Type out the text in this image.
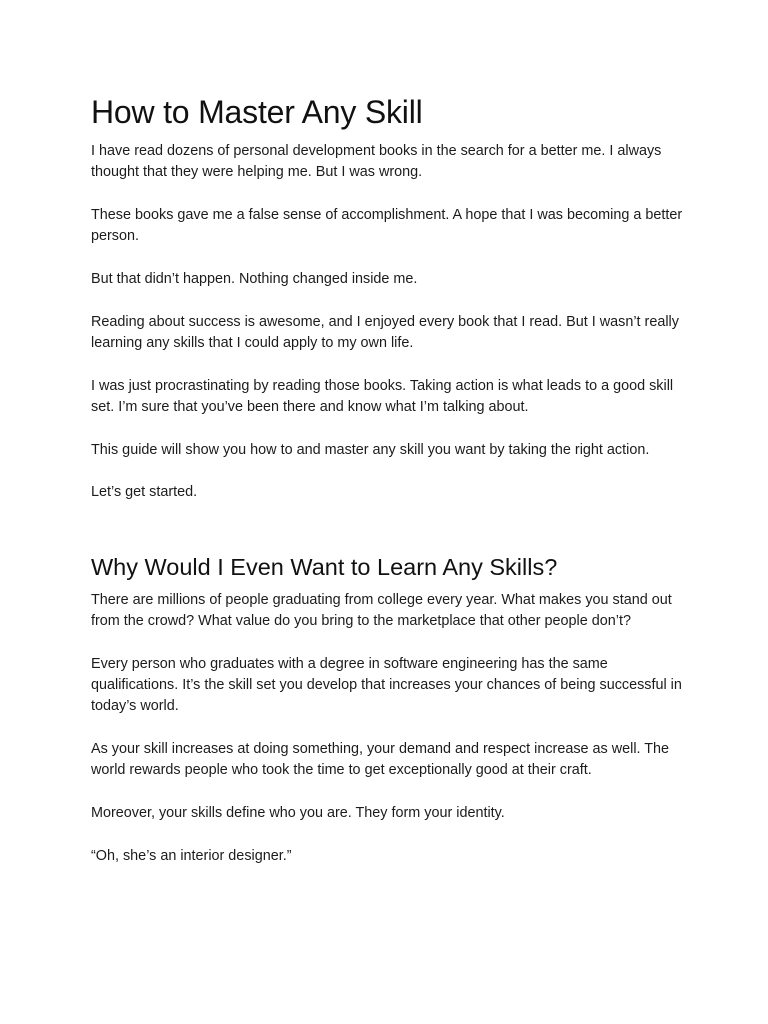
How to Master Any Skill

I have read dozens of personal development books in the search for a better me. I always thought that they were helping me. But I was wrong.

These books gave me a false sense of accomplishment. A hope that I was becoming a better person.

But that didn’t happen. Nothing changed inside me.

Reading about success is awesome, and I enjoyed every book that I read. But I wasn’t really learning any skills that I could apply to my own life.

I was just procrastinating by reading those books. Taking action is what leads to a good skill set. I’m sure that you’ve been there and know what I’m talking about.

This guide will show you how to and master any skill you want by taking the right action.

Let’s get started.

Why Would I Even Want to Learn Any Skills?

There are millions of people graduating from college every year. What makes you stand out from the crowd? What value do you bring to the marketplace that other people don’t?

Every person who graduates with a degree in software engineering has the same qualifications. It’s the skill set you develop that increases your chances of being successful in today’s world.

As your skill increases at doing something, your demand and respect increase as well. The world rewards people who took the time to get exceptionally good at their craft.

Moreover, your skills define who you are. They form your identity.

“Oh, she’s an interior designer.”
